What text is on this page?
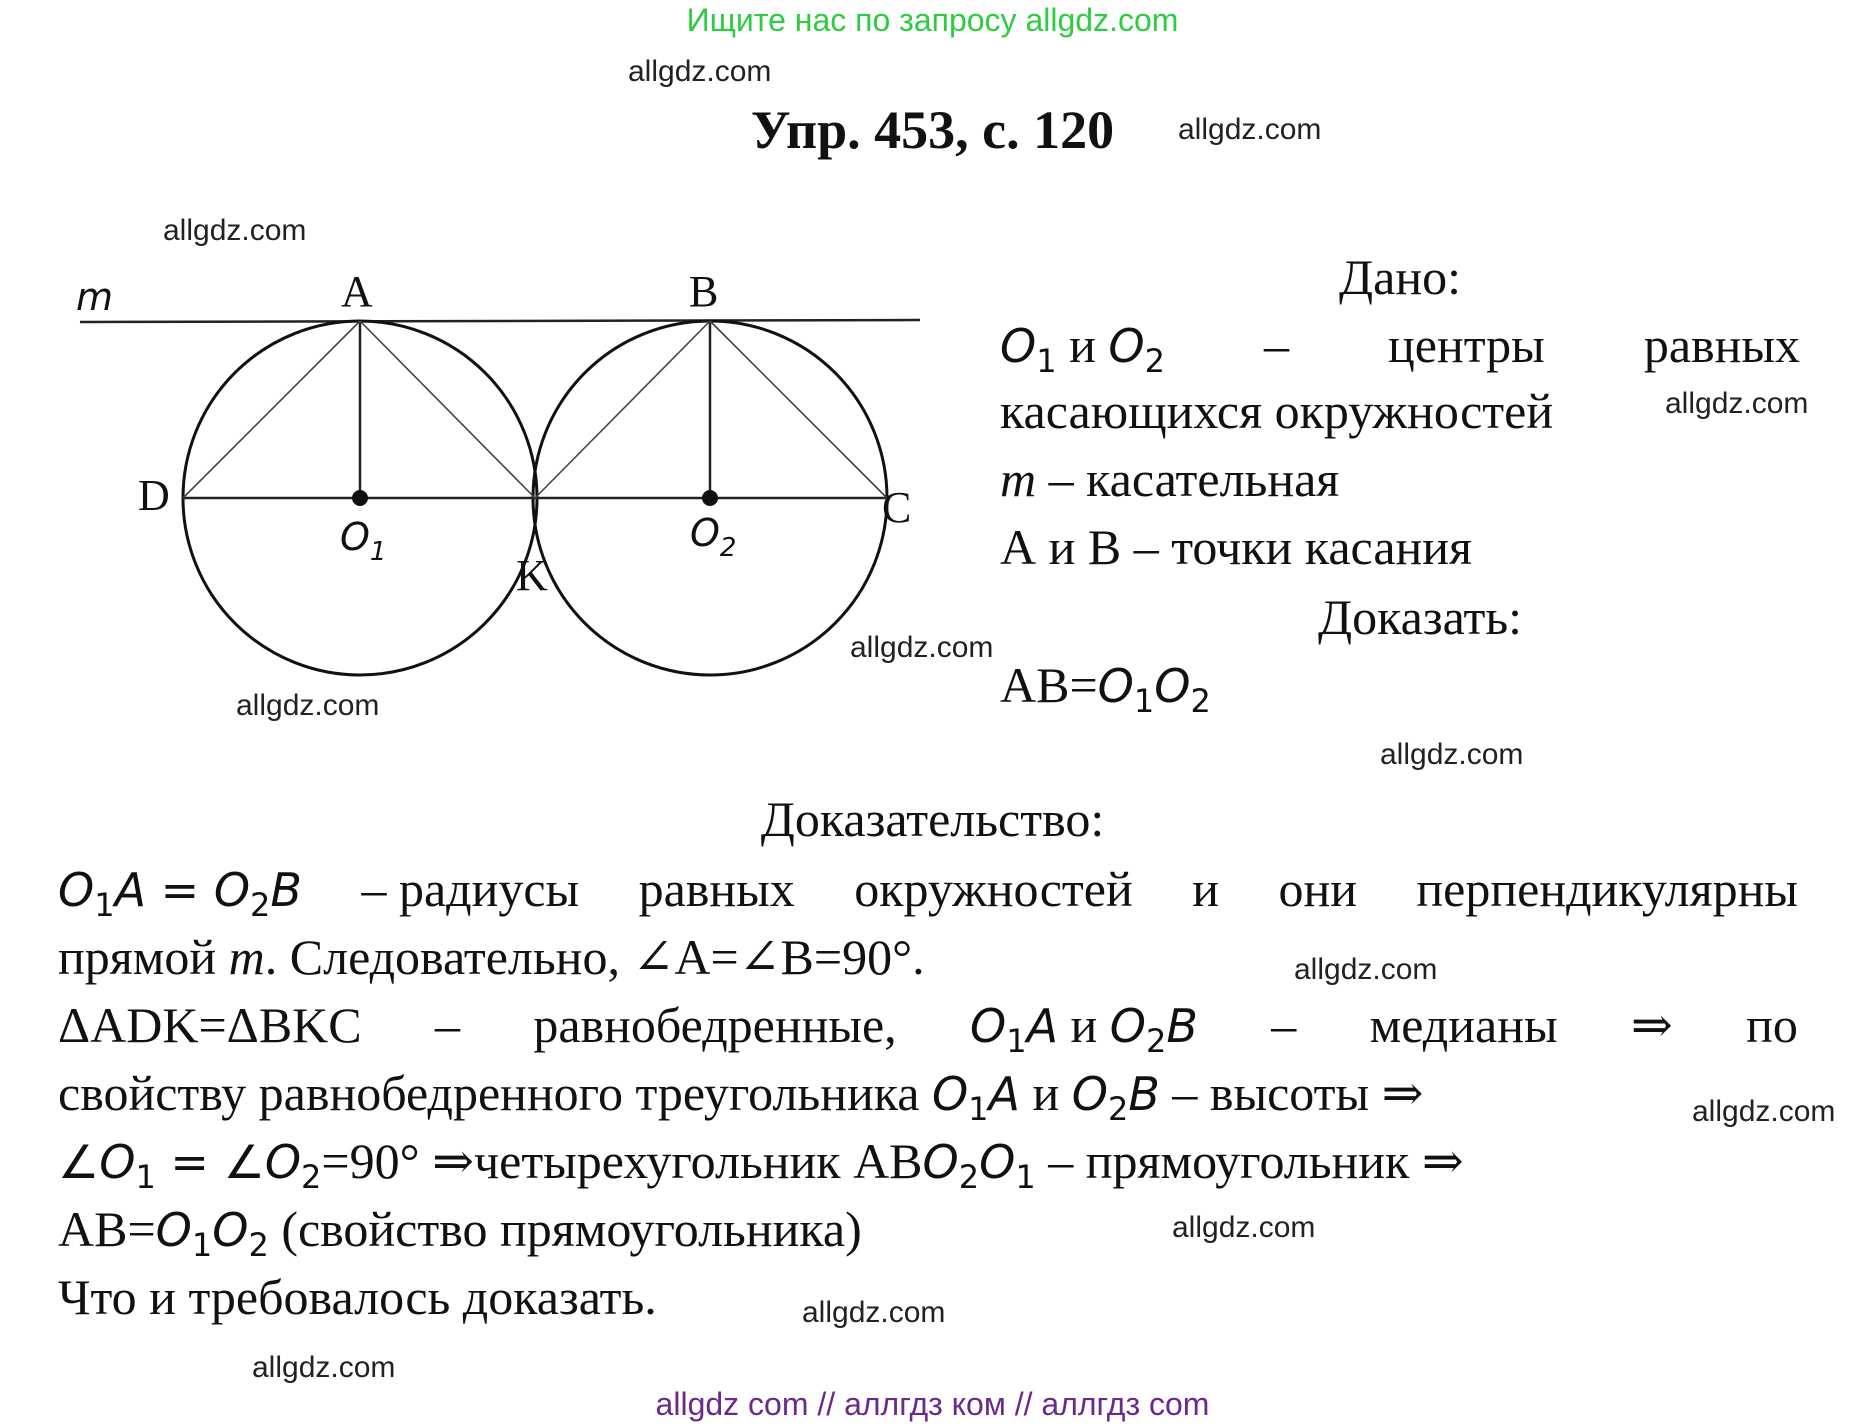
Ищите нас по запросу allgdz.com
allgdz.com
allgdz.com
allgdz.com
allgdz.com
allgdz.com
allgdz.com
allgdz.com
allgdz.com
allgdz.com
allgdz.com
allgdz.com
allgdz.com
Упр. 453, с. 120
m	A	B
D	C
K
$O_1$	$O_2$
Дано:
$O_1$ и $O_2$ – центры равных
касающихся окружностей
m – касательная
А и В – точки касания
Доказать:
$АВ=O_1O_2$
Доказательство:
$O_1A = O_2B$ – радиусы равных окружностей и они перпендикулярны
прямой m. Следовательно, ∠А=∠В=90°.
ΔADK=ΔBKC – равнобедренные, $O_1A$ и $O_2B$ – медианы ⇒ по
свойству равнобедренного треугольника $O_1A$ и $O_2B$ – высоты ⇒
$\angle O_1$ = $\angle O_2=90^\circ$ ⇒четырехугольник $АВO_2O_1$ – прямоугольник ⇒
$АВ=O_1O_2$ (свойство прямоугольника)
Что и требовалось доказать.
allgdz com // аллгдз ком // аллгдз com
